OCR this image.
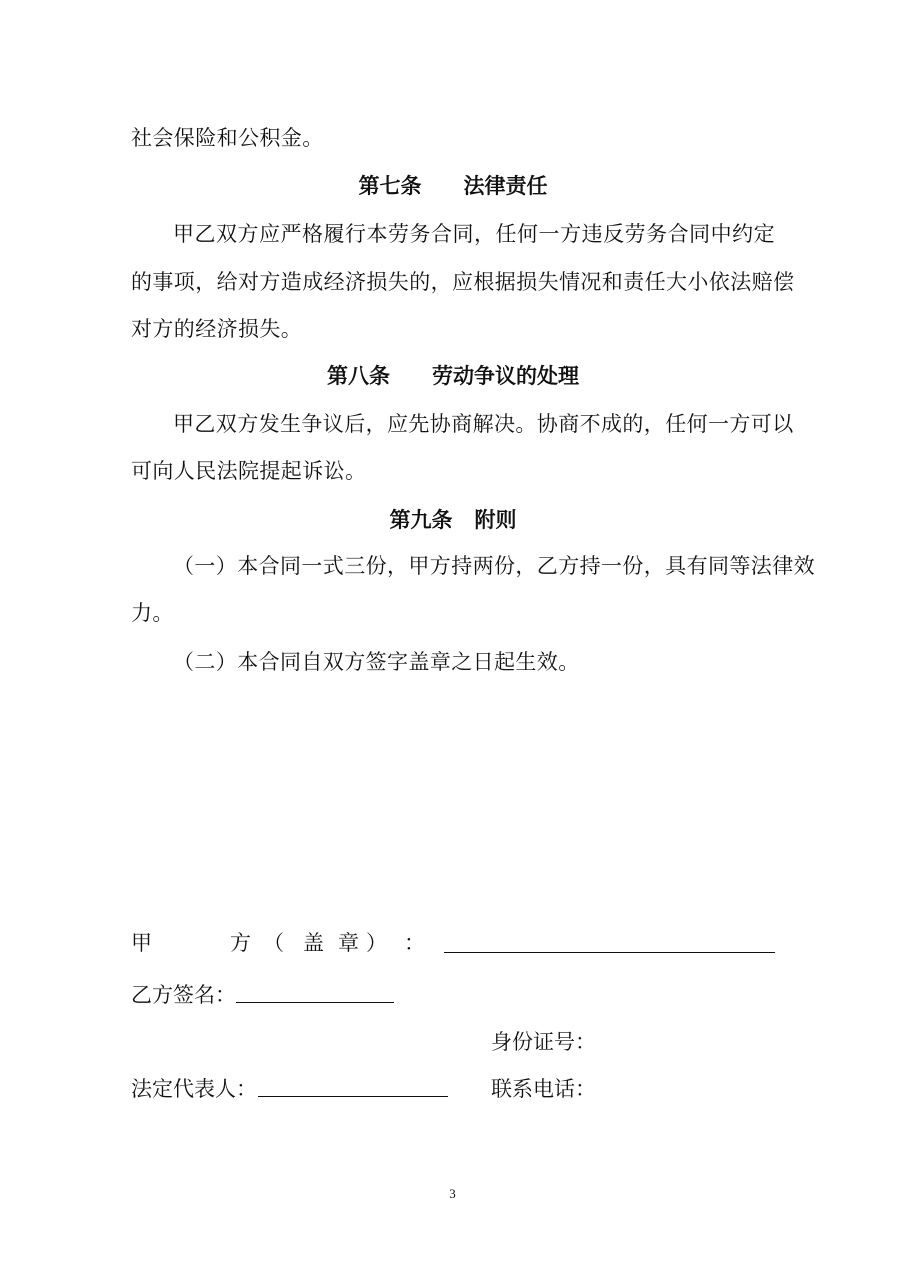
社会保险和公积金。
第七条 法律责任
甲乙双方应严格履行本劳务合同，任何一方违反劳务合同中约定
的事项，给对方造成经济损失的，应根据损失情况和责任大小依法赔偿
对方的经济损失。
第八条 劳动争议的处理
甲乙双方发生争议后，应先协商解决。协商不成的，任何一方可以
可向人民法院提起诉讼。
第九条 附则
（一）本合同一式三份，甲方持两份，乙方持一份，具有同等法律效
力。
（二）本合同自双方签字盖章之日起生效。
甲	方 （ 盖 章 ） ：
乙方签名：
身份证号：
法定代表人：	联系电话：
3
